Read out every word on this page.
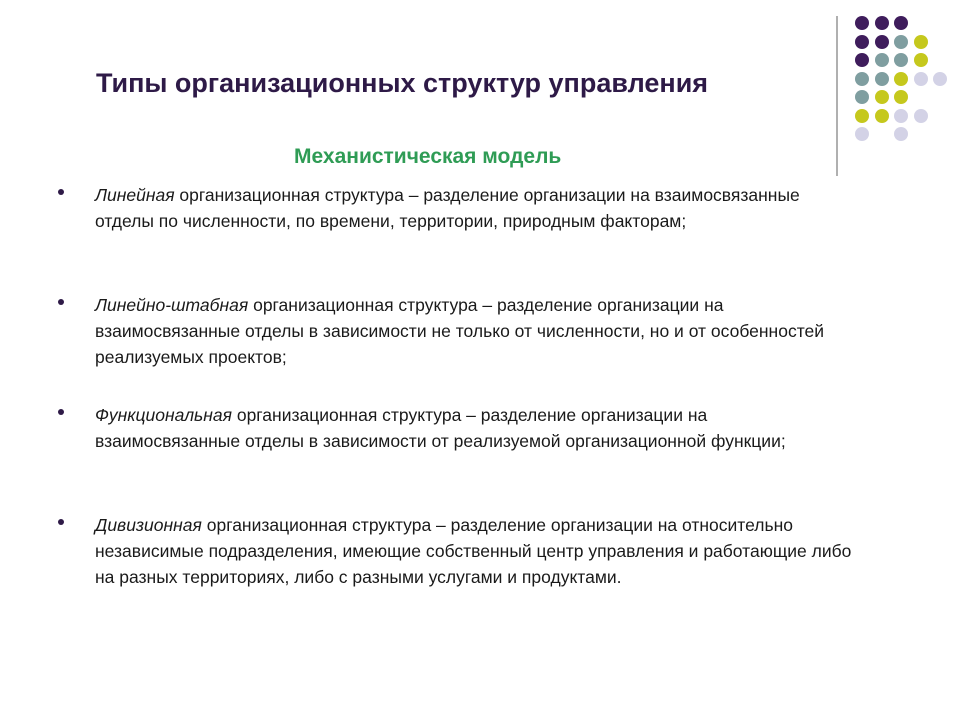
Типы организационных структур управления
Механистическая модель

Линейная организационная структура – разделение организации на взаимосвязанные отделы по численности, по времени, территории, природным факторам;

Линейно-штабная организационная структура – разделение организации на взаимосвязанные отделы в зависимости не только от численности, но и от особенностей реализуемых проектов;

Функциональная организационная структура – разделение организации на взаимосвязанные отделы в зависимости от реализуемой организационной функции;

Дивизионная организационная структура – разделение организации на относительно независимые подразделения, имеющие собственный центр управления и работающие либо на разных территориях, либо с разными услугами и продуктами.
